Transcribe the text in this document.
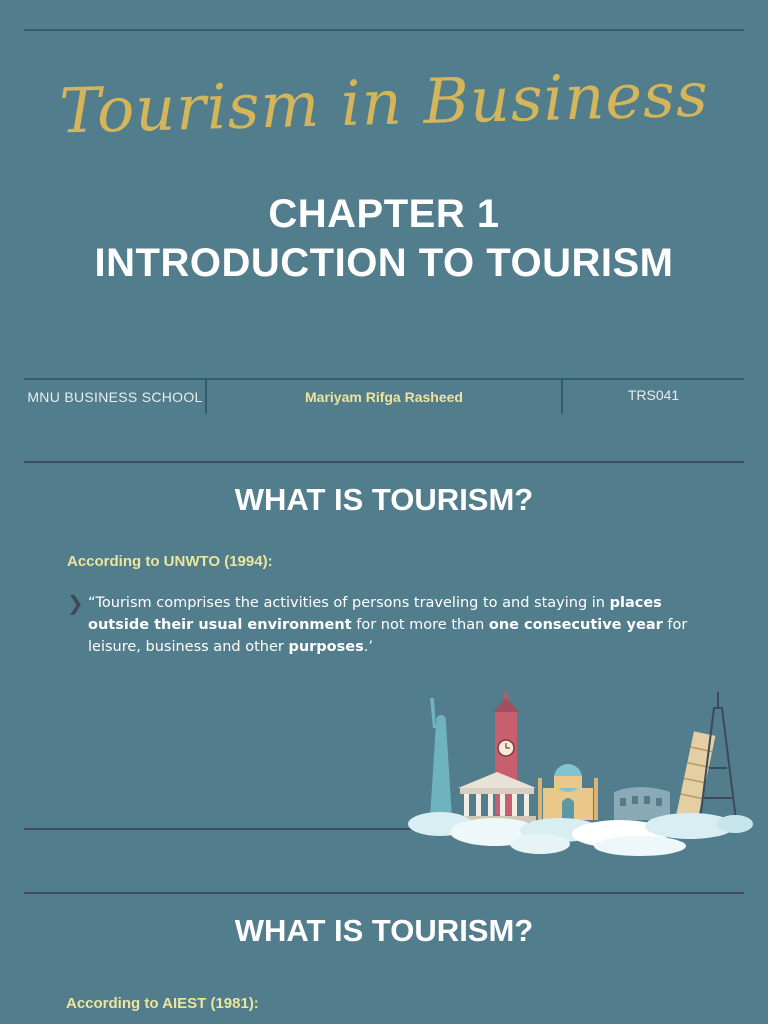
Tourism in Business
CHAPTER 1
INTRODUCTION TO TOURISM
MNU BUSINESS SCHOOL	Mariyam Rifga Rasheed	TRS041
WHAT IS TOURISM?
According to UNWTO (1994):
❯ “Tourism comprises the activities of persons traveling to and staying in places outside their usual environment for not more than one consecutive year for leisure, business and other purposes.’
WHAT IS TOURISM?
According to AIEST (1981):
